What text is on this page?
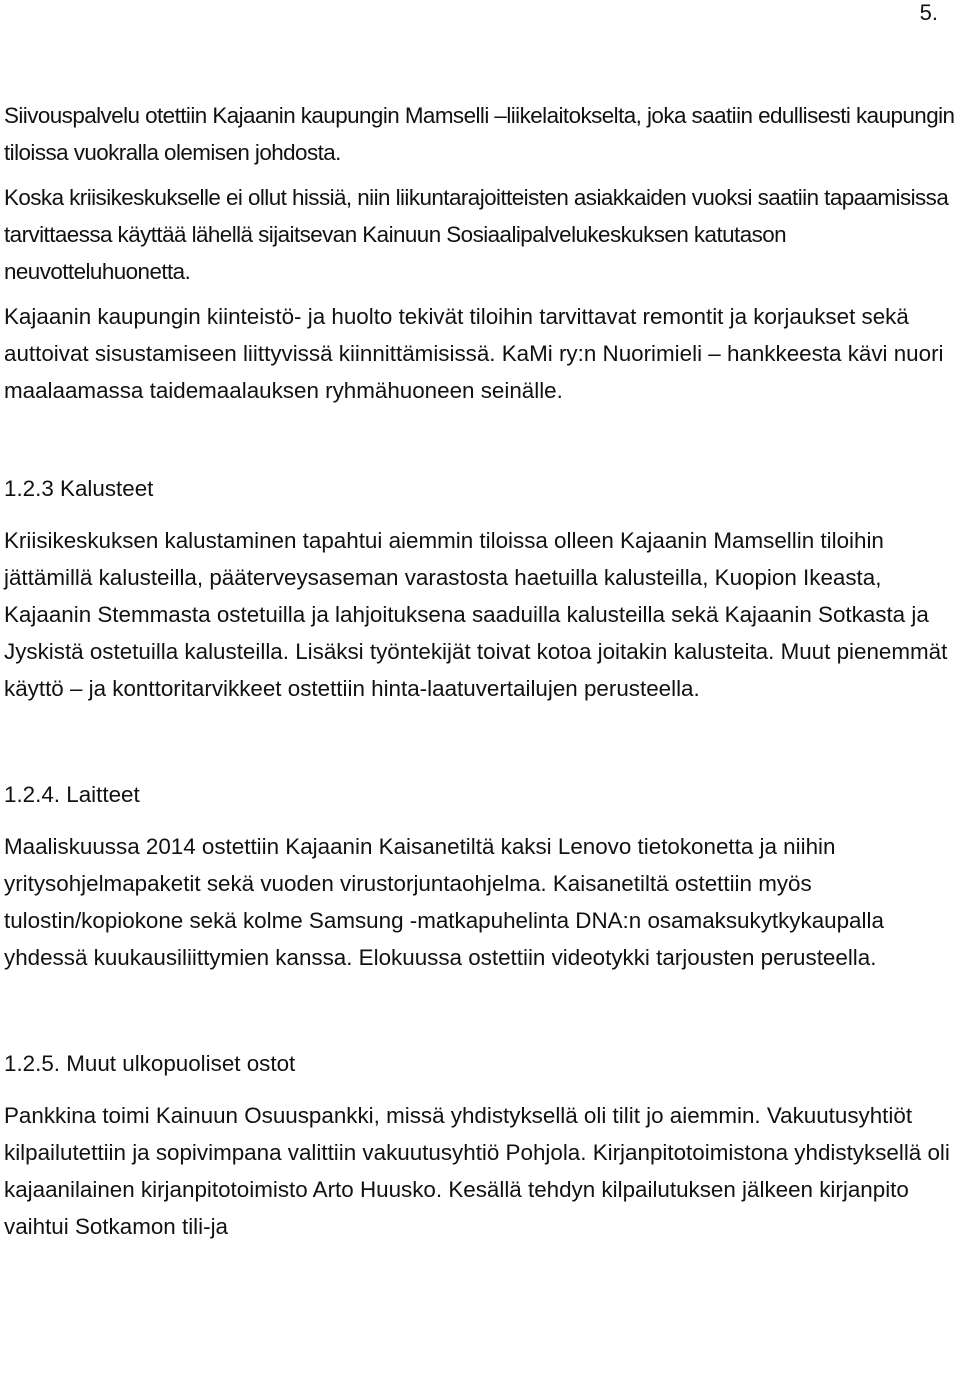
5.

Siivouspalvelu otettiin Kajaanin kaupungin Mamselli –liikelaitokselta, joka saatiin edullisesti kaupungin tiloissa vuokralla olemisen johdosta.

Koska kriisikeskukselle ei ollut hissiä, niin liikuntarajoitteisten asiakkaiden vuoksi saatiin tapaamisissa tarvittaessa käyttää lähellä sijaitsevan Kainuun Sosiaalipalvelukeskuksen katutason neuvotteluhuonetta.

Kajaanin kaupungin kiinteistö- ja huolto tekivät tiloihin tarvittavat remontit ja korjaukset sekä auttoivat sisustamiseen liittyvissä kiinnittämisissä. KaMi ry:n Nuorimieli – hankkeesta kävi nuori maalaamassa taidemaalauksen ryhmähuoneen seinälle.

1.2.3 Kalusteet

Kriisikeskuksen kalustaminen tapahtui aiemmin tiloissa olleen Kajaanin Mamsellin tiloihin jättämillä kalusteilla, pääterveysaseman varastosta haetuilla kalusteilla, Kuopion Ikeasta, Kajaanin Stemmasta ostetuilla ja lahjoituksena saaduilla kalusteilla sekä Kajaanin Sotkasta ja Jyskistä ostetuilla kalusteilla. Lisäksi työntekijät toivat kotoa joitakin kalusteita. Muut pienemmät käyttö – ja konttoritarvikkeet ostettiin hinta-laatuvertailujen perusteella.

1.2.4. Laitteet

Maaliskuussa 2014 ostettiin Kajaanin Kaisanetiltä kaksi Lenovo tietokonetta ja niihin yritysohjelmapaketit sekä vuoden virustorjuntaohjelma. Kaisanetiltä ostettiin myös tulostin/kopiokone sekä kolme Samsung -matkapuhelinta DNA:n osamaksukytkykaupalla yhdessä kuukausiliittymien kanssa. Elokuussa ostettiin videotykki tarjousten perusteella.

1.2.5. Muut ulkopuoliset ostot

Pankkina toimi Kainuun Osuuspankki, missä yhdistyksellä oli tilit jo aiemmin. Vakuutusyhtiöt kilpailutettiin ja sopivimpana valittiin vakuutusyhtiö Pohjola. Kirjanpitotoimistona yhdistyksellä oli kajaanilainen kirjanpitotoimisto Arto Huusko. Kesällä tehdyn kilpailutuksen jälkeen kirjanpito vaihtui Sotkamon tili-ja
